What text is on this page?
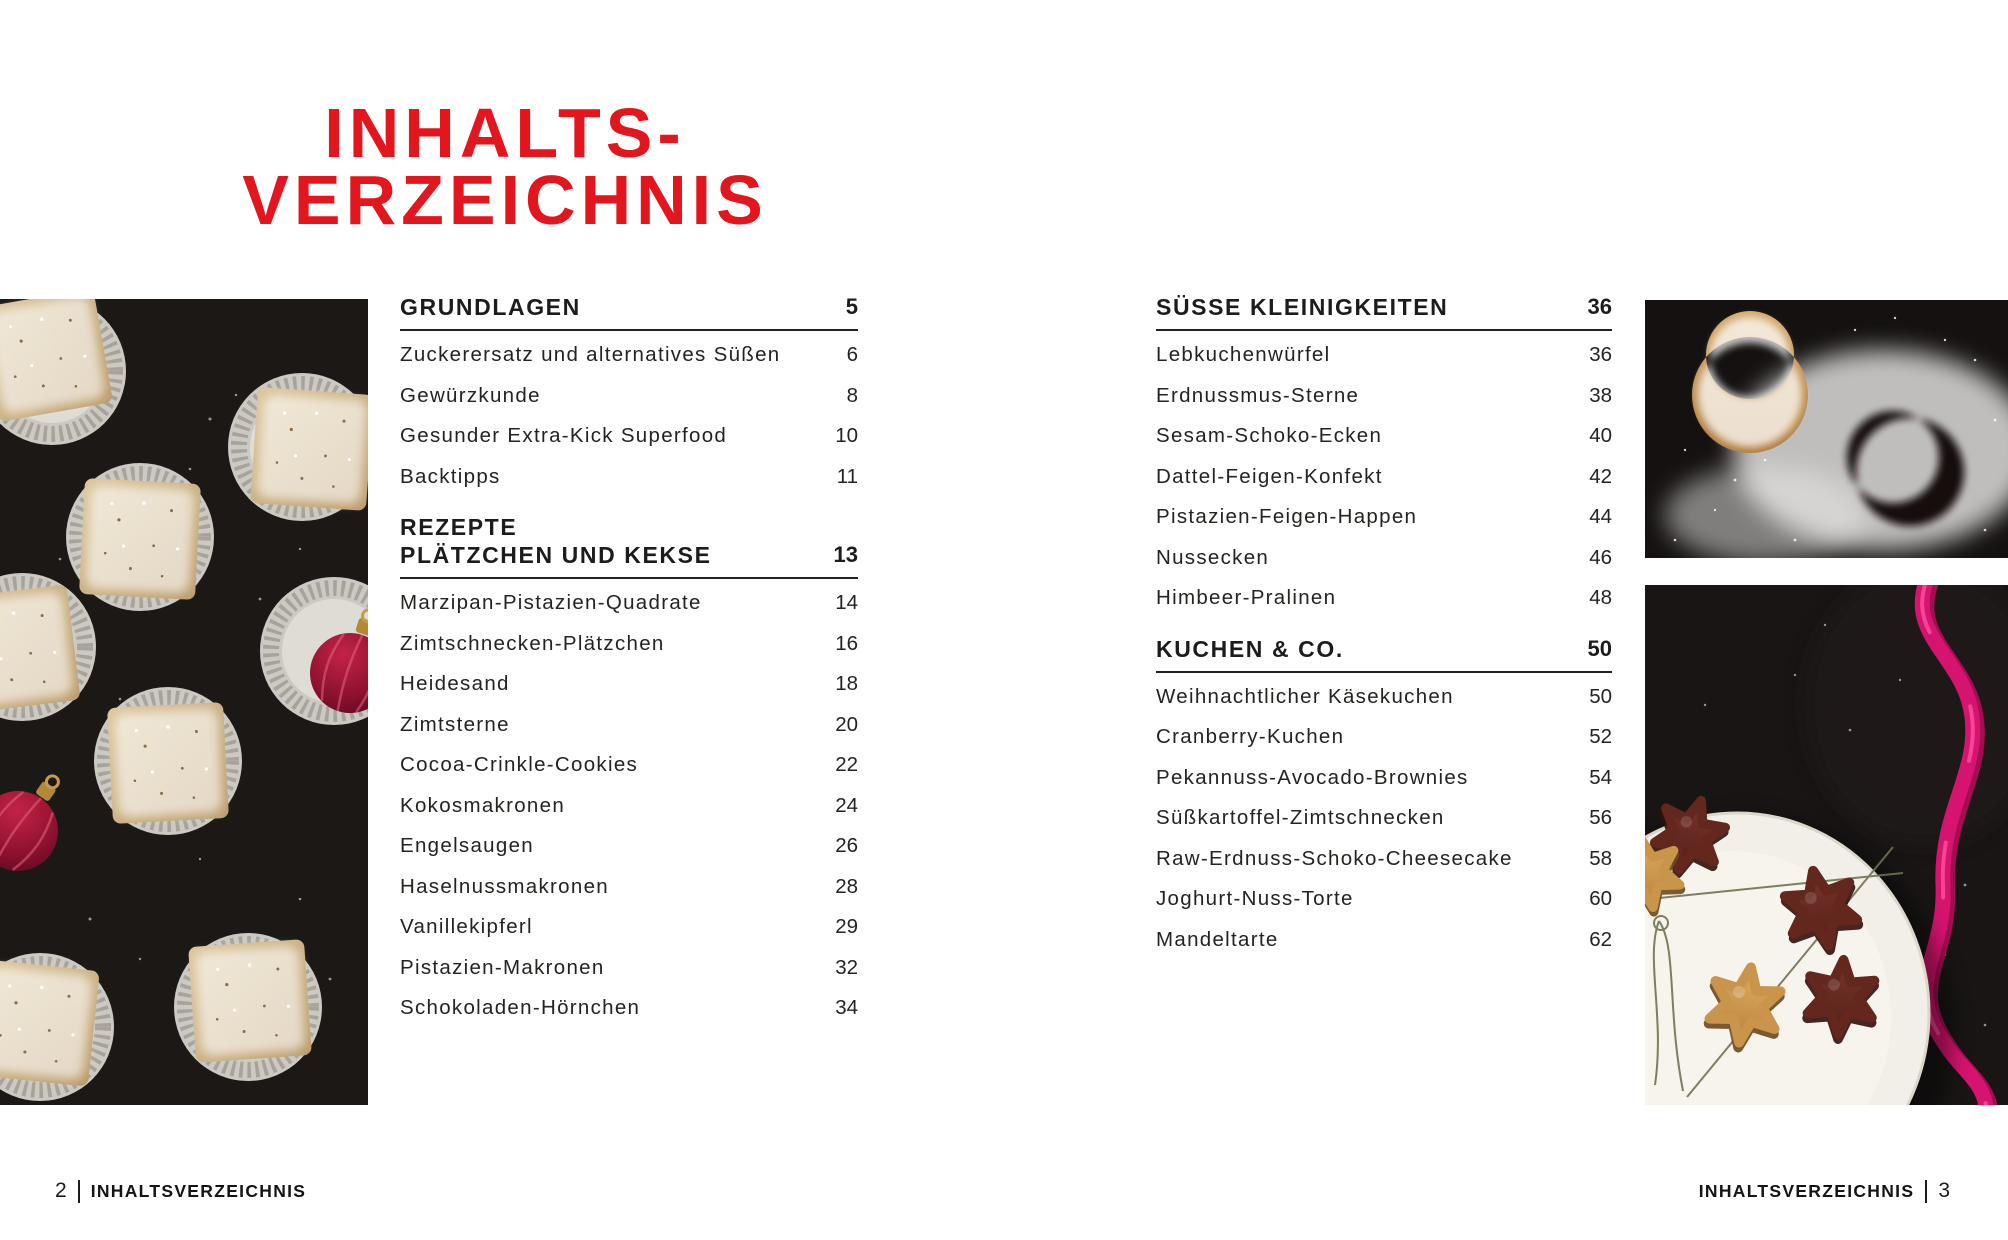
INHALTS-
VERZEICHNIS
GRUNDLAGEN	5
Zuckerersatz und alternatives Süßen	6
Gewürzkunde	8
Gesunder Extra-Kick Superfood	10
Backtipps	11
REZEPTE
PLÄTZCHEN UND KEKSE	13
Marzipan-Pistazien-Quadrate	14
Zimtschnecken-Plätzchen	16
Heidesand	18
Zimtsterne	20
Cocoa-Crinkle-Cookies	22
Kokosmakronen	24
Engelsaugen	26
Haselnussmakronen	28
Vanillekipferl	29
Pistazien-Makronen	32
Schokoladen-Hörnchen	34
SÜSSE KLEINIGKEITEN	36
Lebkuchenwürfel	36
Erdnussmus-Sterne	38
Sesam-Schoko-Ecken	40
Dattel-Feigen-Konfekt	42
Pistazien-Feigen-Happen	44
Nussecken	46
Himbeer-Pralinen	48
KUCHEN & CO.	50
Weihnachtlicher Käsekuchen	50
Cranberry-Kuchen	52
Pekannuss-Avocado-Brownies	54
Süßkartoffel-Zimtschnecken	56
Raw-Erdnuss-Schoko-Cheesecake	58
Joghurt-Nuss-Torte	60
Mandeltarte	62
2 INHALTSVERZEICHNIS	INHALTSVERZEICHNIS 3
